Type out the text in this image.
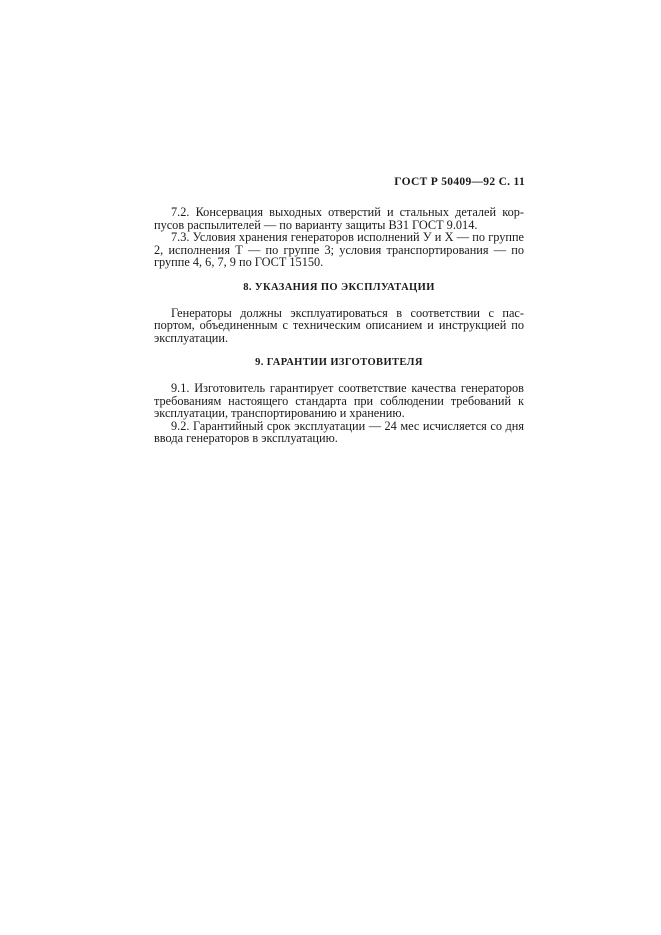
ГОСТ Р 50409—92 С. 11

7.2. Консервация выходных отверстий и стальных деталей корпусов распылителей — по варианту защиты ВЗ1 ГОСТ 9.014.

7.3. Условия хранения генераторов исполнений У и Х — по группе 2, исполнения Т — по группе 3; условия транспортирования — по группе 4, 6, 7, 9 по ГОСТ 15150.

8. УКАЗАНИЯ ПО ЭКСПЛУАТАЦИИ

Генераторы должны эксплуатироваться в соответствии с паспортом, объединенным с техническим описанием и инструкцией по эксплуатации.

9. ГАРАНТИИ ИЗГОТОВИТЕЛЯ

9.1. Изготовитель гарантирует соответствие качества генераторов требованиям настоящего стандарта при соблюдении требований к эксплуатации, транспортированию и хранению.

9.2. Гарантийный срок эксплуатации — 24 мес исчисляется со дня ввода генераторов в эксплуатацию.
